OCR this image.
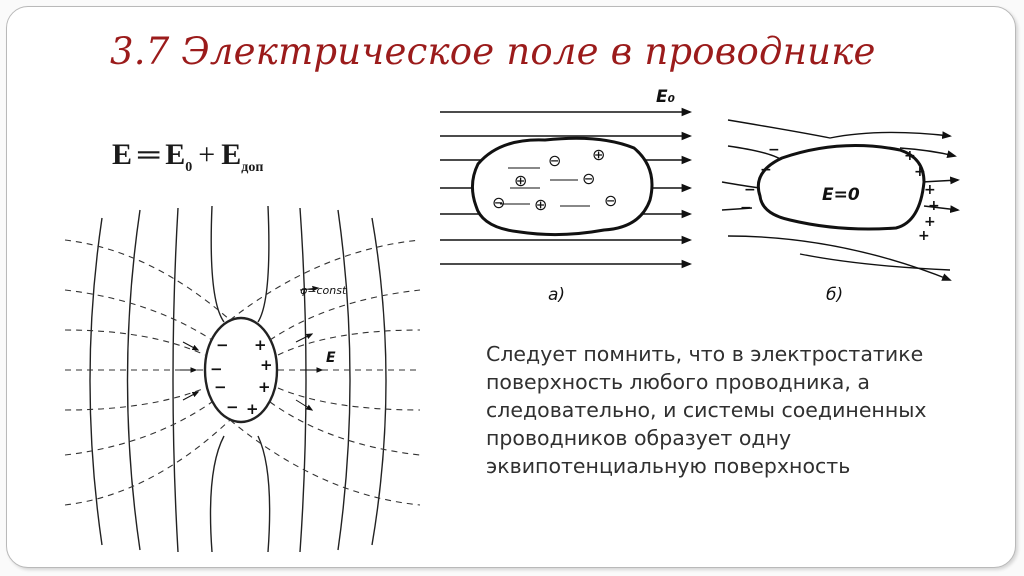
3.7 Электрическое поле в проводнике
E ═ $E_0 + E_{доп}$
φ=const
E
−
−
−
−
+
+
+
+
⊖ ⊕
⊕	⊖
⊖ ⊕	⊖
E₀
а)
−
−
−
−
+
+
+
+
+
+
E=0
б)
Следует помнить, что в электростатике поверхность любого проводника, а следовательно, и системы соединенных проводников образует одну эквипотенциальную поверхность
